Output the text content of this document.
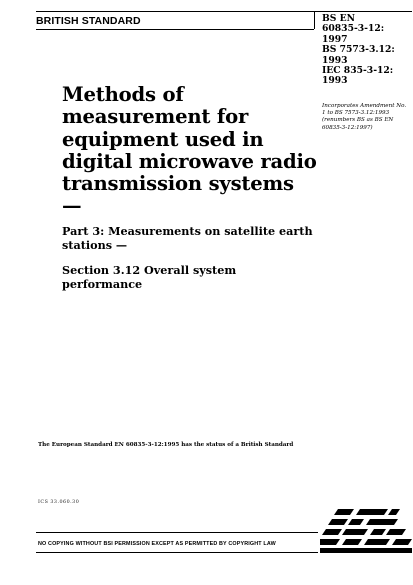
BRITISH STANDARD	BS EN
60835-3-12:
1997
BS 7573-3.12:
1993
IEC 835-3-12:
1993
Incorporates Amendment No. 1 to BS 7573-3.12:1993 (renumbers BS as BS EN 60835-3-12:1997)
Methods of
measurement for
equipment used in
digital microwave radio
transmission systems —
Part 3: Measurements on satellite earth stations —
Section 3.12 Overall system performance
The European Standard EN 60835-3-12:1995 has the status of a British Standard
ICS 33.060.30
NO COPYING WITHOUT BSI PERMISSION EXCEPT AS PERMITTED BY COPYRIGHT LAW
